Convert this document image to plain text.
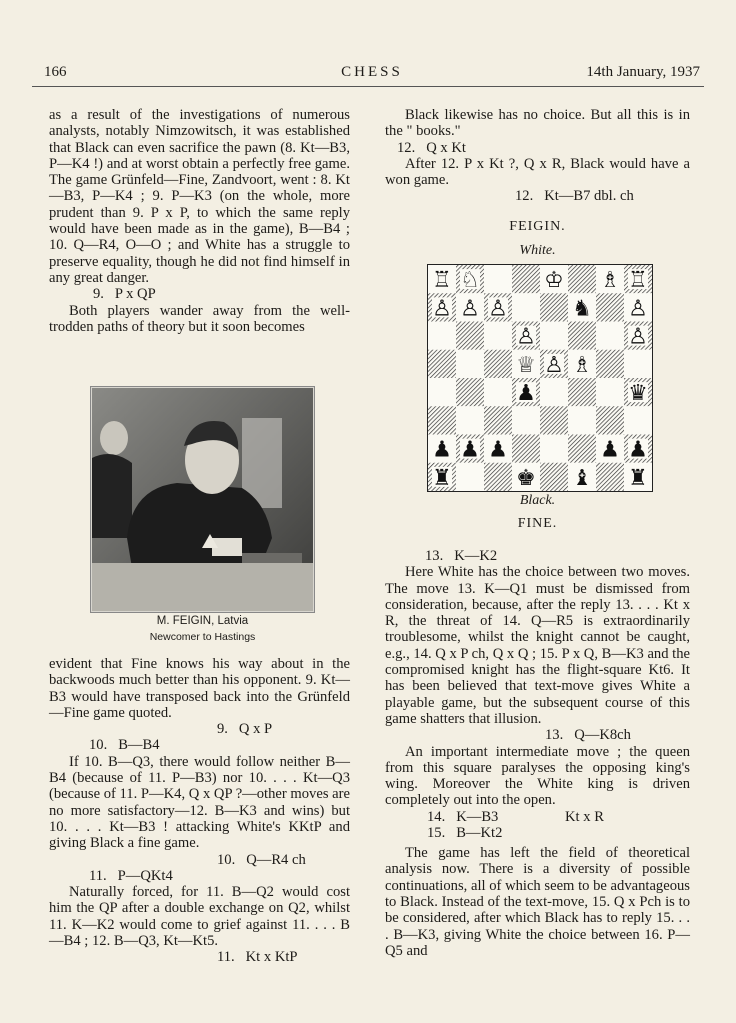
166	CHESS	14th January, 1937

as a result of the investigations of numerous analysts, notably Nimzowitsch, it was established that Black can even sacrifice the pawn (8. Kt—B3, P—K4 !) and at worst obtain a perfectly free game. The game Grünfeld—Fine, Zandvoort, went : 8. Kt—B3, P—K4 ; 9. P—K3 (on the whole, more prudent than 9. P x P, to which the same reply would have been made as in the game), B—B4 ; 10. Q—R4, O—O ; and White has a struggle to preserve equality, though he did not find himself in any great danger.

9.   P x QP

Both players wander away from the well-trodden paths of theory but it soon becomes

M. FEIGIN, Latvia
Newcomer to Hastings

evident that Fine knows his way about in the backwoods much better than his opponent. 9. Kt—B3 would have transposed back into the Grünfeld—Fine game quoted.

9.   Q x P

10.   B—B4

If 10. B—Q3, there would follow neither B—B4 (because of 11. P—B3) nor 10. . . . Kt—Q3 (because of 11. P—K4, Q x QP ?—other moves are no more satisfactory—12. B—K3 and wins) but 10. . . . Kt—B3 ! attacking White's KKtP and giving Black a fine game.

10.   Q—R4 ch

11.   P—QKt4

Naturally forced, for 11. B—Q2 would cost him the QP after a double exchange on Q2, whilst 11. K—K2 would come to grief against 11. . . . B—B4 ; 12. B—Q3, Kt—Kt5.

11.   Kt x KtP

Black likewise has no choice. But all this is in the " books."

12.   Q x Kt

After 12. P x Kt ?, Q x R, Black would have a won game.

12.   Kt—B7 dbl. ch

FEIGIN.
White.
♖ ♘	♔ ♗ ♖
♙ ♙ ♙	♞ ♙
♙	♙
♕ ♙ ♗
♟	♛
♟ ♟ ♟	♟ ♟
♜	♚ ♝ ♜
Black.
FINE.

13.   K—K2

Here White has the choice between two moves. The move 13. K—Q1 must be dismissed from consideration, because, after the reply 13. . . . Kt x R, the threat of 14. Q—R5 is extraordinarily troublesome, whilst the knight cannot be caught, e.g., 14. Q x P ch, Q x Q ; 15. P x Q, B—K3 and the compromised knight has the flight-square Kt6. It has been believed that text-move gives White a playable game, but the subsequent course of this game shatters that illusion.

13.   Q—K8ch

An important intermediate move ; the queen from this square paralyses the opposing king's wing. Moreover the White king is driven completely out into the open.

14.   K—B3	Kt x R

15.   B—Kt2

The game has left the field of theoretical analysis now. There is a diversity of possible continuations, all of which seem to be advantageous to Black. Instead of the text-move, 15. Q x Pch is to be considered, after which Black has to reply 15. . . . B—K3, giving White the choice between 16. P—Q5 and
